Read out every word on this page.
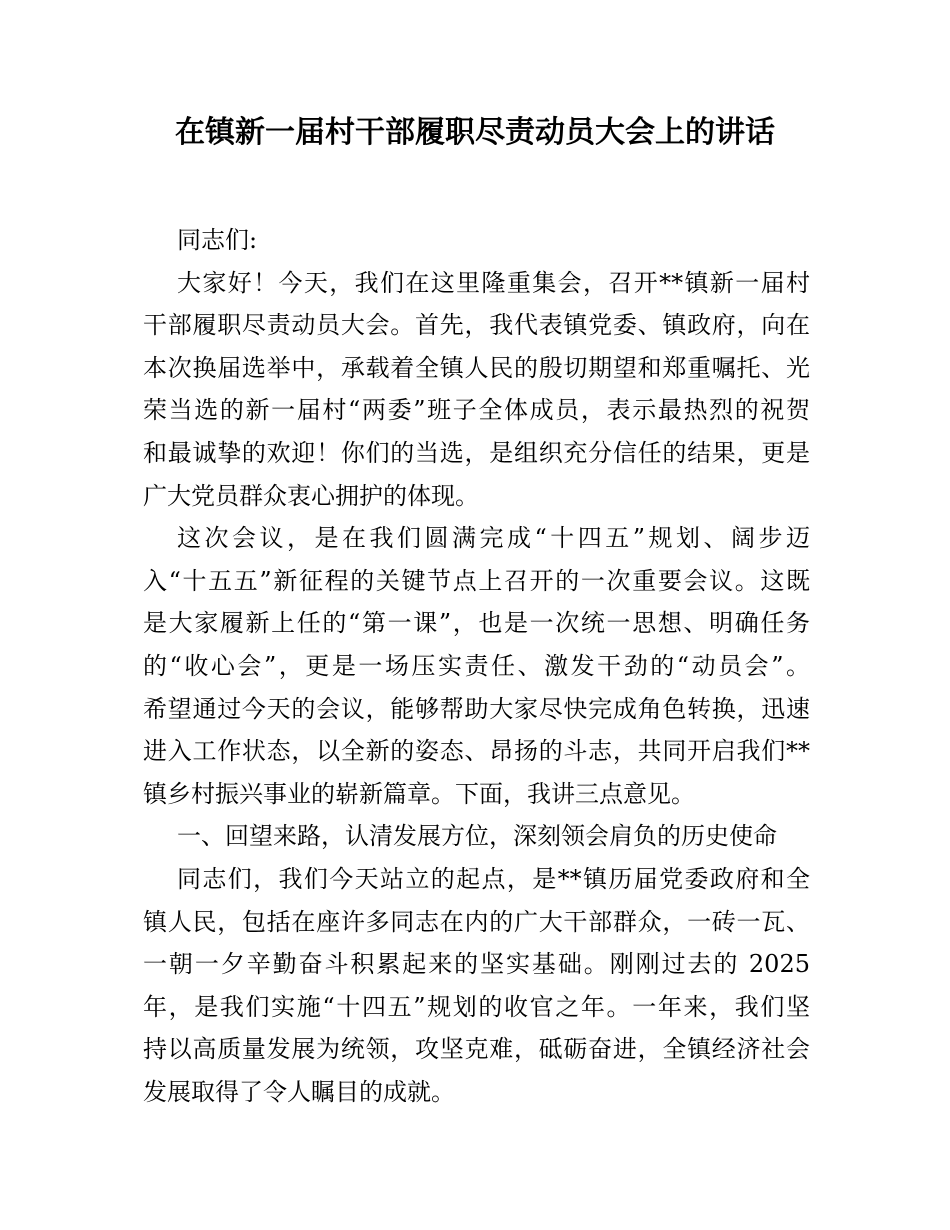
在镇新一届村干部履职尽责动员大会上的讲话
同志们:
大家好！今天，我们在这里隆重集会，召开**镇新一届村
干部履职尽责动员大会。首先，我代表镇党委、镇政府，向在
本次换届选举中，承载着全镇人民的殷切期望和郑重嘱托、光
荣当选的新一届村“两委”班子全体成员，表示最热烈的祝贺
和最诚挚的欢迎！你们的当选，是组织充分信任的结果，更是
广大党员群众衷心拥护的体现。
这次会议，是在我们圆满完成“十四五”规划、阔步迈
入“十五五”新征程的关键节点上召开的一次重要会议。这既
是大家履新上任的“第一课”，也是一次统一思想、明确任务
的“收心会”，更是一场压实责任、激发干劲的“动员会”。
希望通过今天的会议，能够帮助大家尽快完成角色转换，迅速
进入工作状态，以全新的姿态、昂扬的斗志，共同开启我们**
镇乡村振兴事业的崭新篇章。下面，我讲三点意见。
一、回望来路，认清发展方位，深刻领会肩负的历史使命
同志们，我们今天站立的起点，是**镇历届党委政府和全
镇人民，包括在座许多同志在内的广大干部群众，一砖一瓦、
一朝一夕辛勤奋斗积累起来的坚实基础。刚刚过去的 2025
年，是我们实施“十四五”规划的收官之年。一年来，我们坚
持以高质量发展为统领，攻坚克难，砥砺奋进，全镇经济社会
发展取得了令人瞩目的成就。
